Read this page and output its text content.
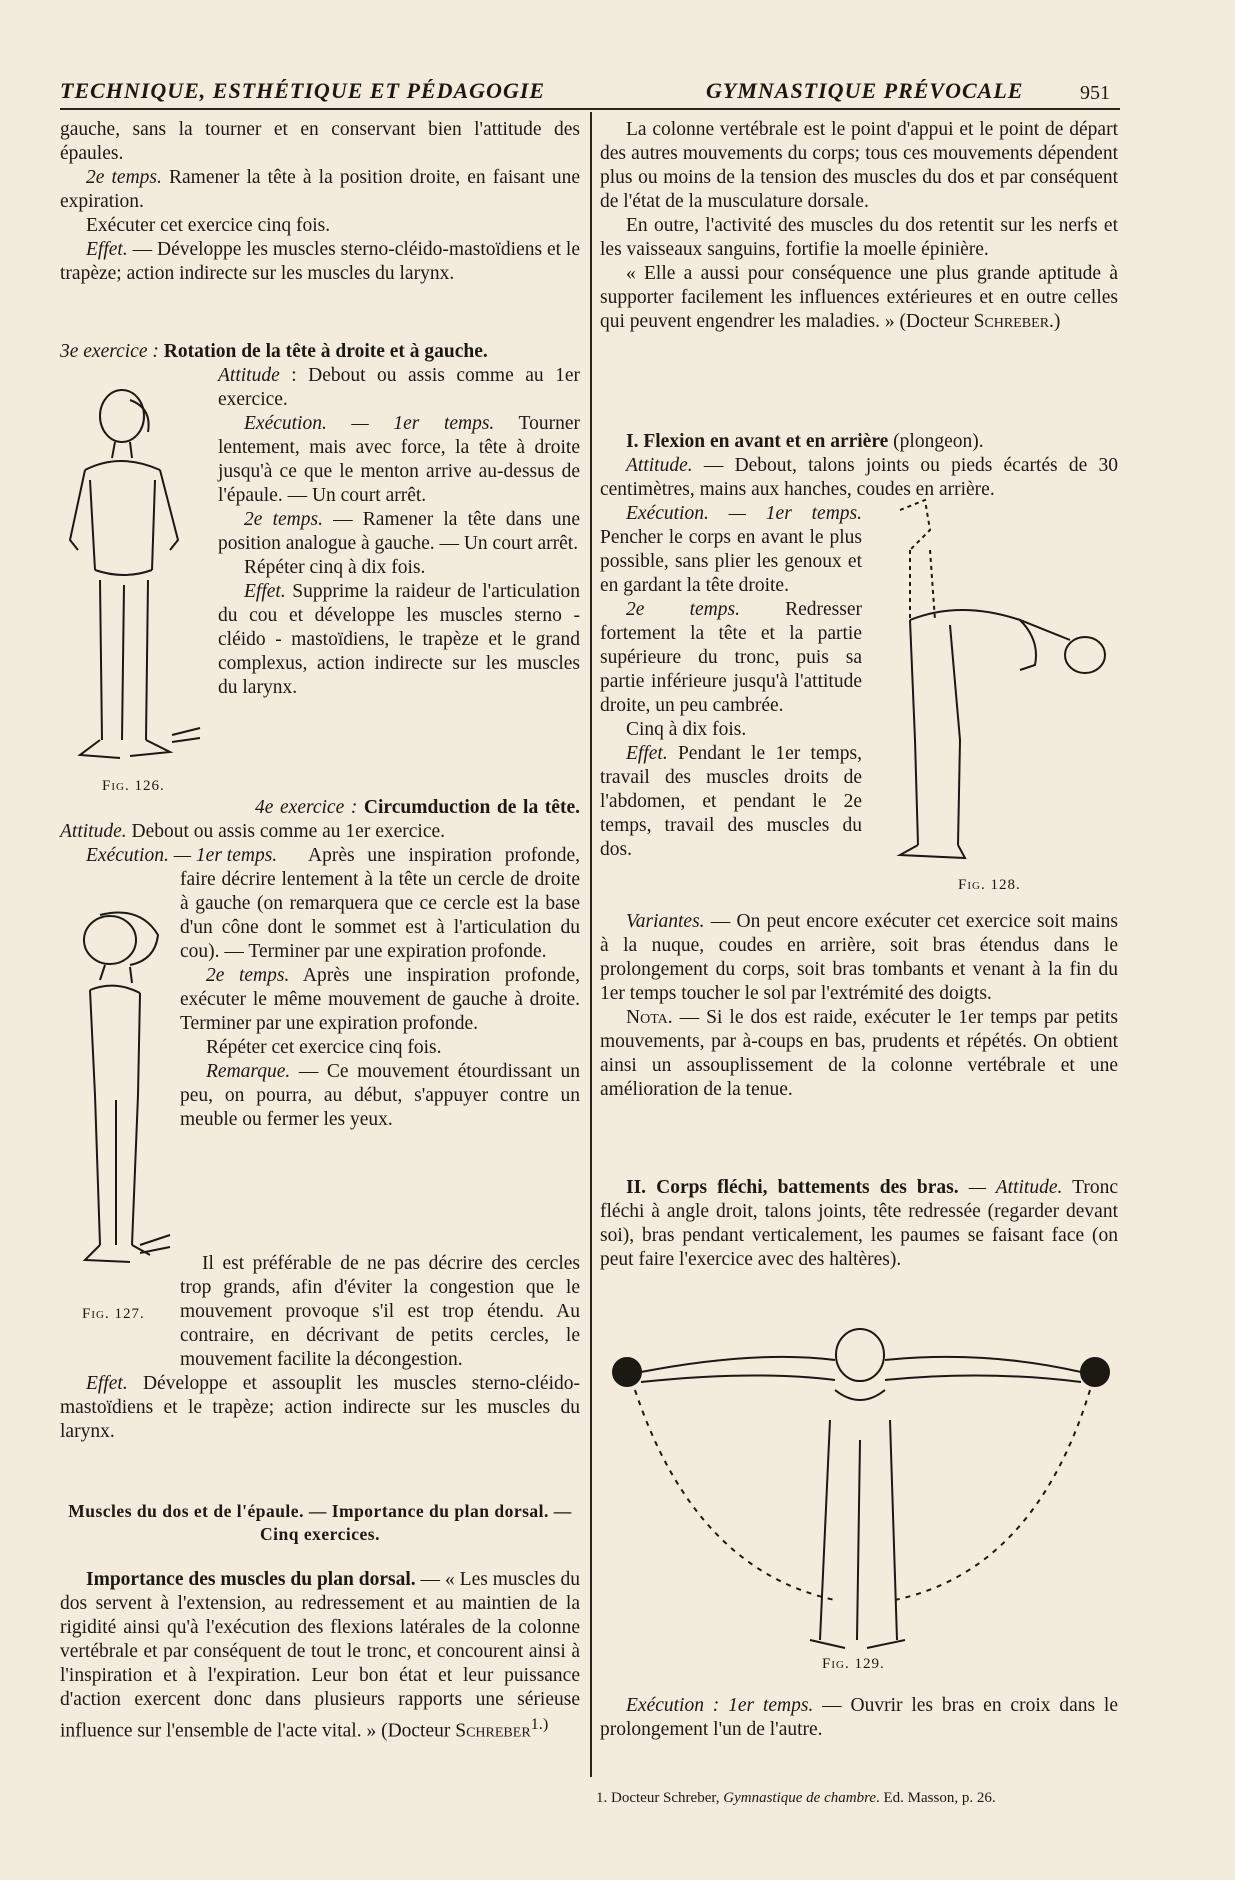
TECHNIQUE, ESTHÉTIQUE ET PÉDAGOGIE	GYMNASTIQUE PRÉVOCALE	951

gauche, sans la tourner et en conservant bien l'attitude des épaules.

2e temps. Ramener la tête à la position droite, en faisant une expiration.

Exécuter cet exercice cinq fois.

Effet. — Développe les muscles sterno-cléido-mastoïdiens et le trapèze; action indirecte sur les muscles du larynx.

3e exercice : Rotation de la tête à droite et à gauche.

Attitude : Debout ou assis comme au 1er exercice.

Exécution. — 1er temps. Tourner lentement, mais avec force, la tête à droite jusqu'à ce que le menton arrive au-dessus de l'épaule. — Un court arrêt.

2e temps. — Ramener la tête dans une position analogue à gauche. — Un court arrêt.

Répéter cinq à dix fois.

Effet. Supprime la raideur de l'articulation du cou et développe les muscles sterno - cléido - mastoïdiens, le trapèze et le grand complexus, action indirecte sur les muscles du larynx.

Fig. 126.

4e exercice : Circumduction de la tête. Attitude. Debout ou assis comme au 1er exercice.

Exécution. — 1er temps.	Après une inspiration profonde, faire décrire lentement à la tête un cercle de droite à gauche (on remarquera que ce cercle est la base d'un cône dont le sommet est à l'articulation du cou). — Terminer par une expiration profonde.

2e temps. Après une inspiration profonde, exécuter le même mouvement de gauche à droite. Terminer par une expiration profonde.

Répéter cet exercice cinq fois.

Remarque. — Ce mouvement étourdissant un peu, on pourra, au début, s'appuyer contre un meuble ou fermer les yeux.

Il est préférable de ne pas décrire des cercles trop grands, afin d'éviter la congestion que le mouvement provoque s'il est trop étendu. Au contraire, en décrivant de petits cercles, le mouvement facilite la décongestion.

Effet. Développe et assouplit les muscles sterno-cléido-mastoïdiens et le trapèze; action indirecte sur les muscles du larynx.

Fig. 127.
Muscles du dos et de l'épaule. — Importance du plan dorsal. — Cinq exercices.

Importance des muscles du plan dorsal. — « Les muscles du dos servent à l'extension, au redressement et au maintien de la rigidité ainsi qu'à l'exécution des flexions latérales de la colonne vertébrale et par conséquent de tout le tronc, et concourent ainsi à l'inspiration et à l'expiration. Leur bon état et leur puissance d'action exercent donc dans plusieurs rapports une sérieuse influence sur l'ensemble de l'acte vital. » (Docteur Schreber$^{1.)}$

La colonne vertébrale est le point d'appui et le point de départ des autres mouvements du corps; tous ces mouvements dépendent plus ou moins de la tension des muscles du dos et par conséquent de l'état de la musculature dorsale.

En outre, l'activité des muscles du dos retentit sur les nerfs et les vaisseaux sanguins, fortifie la moelle épinière.

« Elle a aussi pour conséquence une plus grande aptitude à supporter facilement les influences extérieures et en outre celles qui peuvent engendrer les maladies. » (Docteur Schreber.)

I. Flexion en avant et en arrière (plongeon).

Attitude. — Debout, talons joints ou pieds écartés de 30 centimètres, mains aux hanches, coudes en arrière.

Exécution. — 1er temps. Pencher le corps en avant le plus possible, sans plier les genoux et en gardant la tête droite.

2e temps. Redresser fortement la tête et la partie supérieure du tronc, puis sa partie inférieure jusqu'à l'attitude droite, un peu cambrée.

Cinq à dix fois.

Effet. Pendant le 1er temps, travail des muscles droits de l'abdomen, et pendant le 2e temps, travail des muscles du dos.

Fig. 128.

Variantes. — On peut encore exécuter cet exercice soit mains à la nuque, coudes en arrière, soit bras étendus dans le prolongement du corps, soit bras tombants et venant à la fin du 1er temps toucher le sol par l'extrémité des doigts.

Nota. — Si le dos est raide, exécuter le 1er temps par petits mouvements, par à-coups en bas, prudents et répétés. On obtient ainsi un assouplissement de la colonne vertébrale et une amélioration de la tenue.

II. Corps fléchi, battements des bras. — Attitude. Tronc fléchi à angle droit, talons joints, tête redressée (regarder devant soi), bras pendant verticalement, les paumes se faisant face (on peut faire l'exercice avec des haltères).

Fig. 129.

Exécution : 1er temps. — Ouvrir les bras en croix dans le prolongement l'un de l'autre.

1. Docteur Schreber, Gymnastique de chambre. Ed. Masson, p. 26.
